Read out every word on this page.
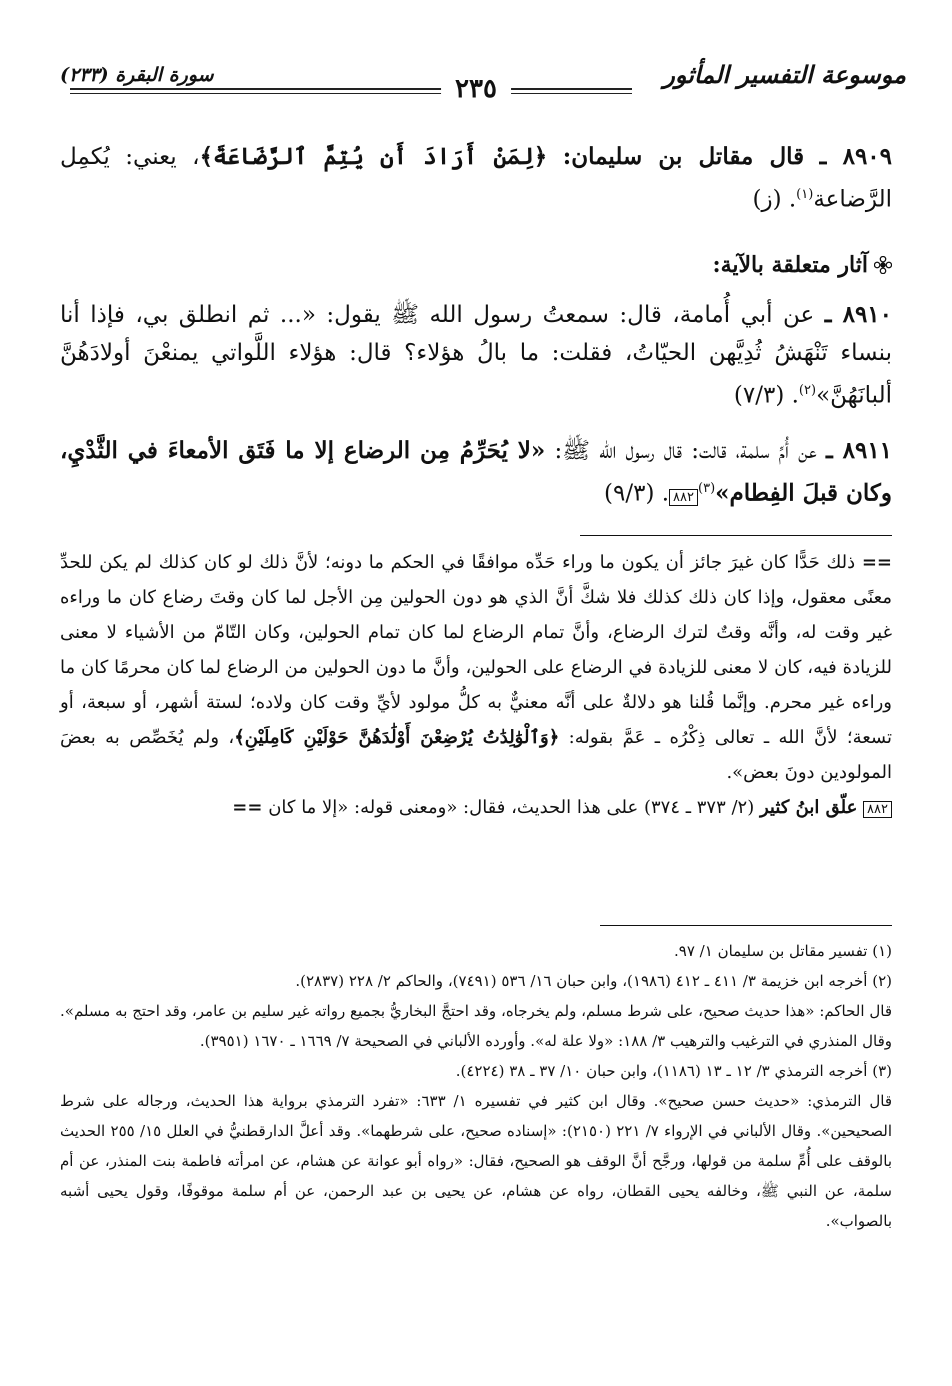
موسوعة التفسير المأثور
٢٣٥
سورة البقرة (٢٣٣)

٨٩٠٩ ـ قال مقاتل بن سليمان: ﴿لِمَنْ أَرَادَ أَن يُتِمَّ ٱلرَّضَاعَةَ﴾، يعني: يُكمِل الرَّضاعة$^{(١)}$. (ز)

آثار متعلقة بالآية:

٨٩١٠ ـ عن أبي أُمامة، قال: سمعتُ رسول الله ﷺ يقول: «... ثم انطلق بي، فإذا أنا بنساء تَنْهَشُ ثُدِيَّهن الحيّاتُ، فقلت: ما بالُ هؤلاء؟ قال: هؤلاء اللَّواتي يمنعْنَ أولادَهُنَّ ألبانَهُنَّ»$^{(٢)}$. (٧/٣)

٨٩١١ ـ عن أُمِّ سلمة، قالت: قال رسول الله ﷺ: «لا يُحَرِّمُ مِن الرضاع إلا ما فَتَق الأمعاءَ في الثَّدْيِ، وكان قبلَ الفِطام»$^{(٣)}$٨٨٢. (٩/٣)

== ذلك حَدًّا كان غيرَ جائز أن يكون ما وراء حَدِّه موافقًا في الحكم ما دونه؛ لأنَّ ذلك لو كان كذلك لم يكن للحدِّ معنًى معقول، وإذا كان ذلك كذلك فلا شكَّ أنَّ الذي هو دون الحولين مِن الأجل لما كان وقتَ رضاع كان ما وراءه غير وقت له، وأنَّه وقتٌ لترك الرضاع، وأنَّ تمام الرضاع لما كان تمام الحولين، وكان التّامّ من الأشياء لا معنى للزيادة فيه، كان لا معنى للزيادة في الرضاع على الحولين، وأنَّ ما دون الحولين من الرضاع لما كان محرمًا كان ما وراءه غير محرم. وإنَّما قُلنا هو دلالةٌ على أنَّه معنيٌّ به كلُّ مولود لأيِّ وقت كان ولاده؛ لستة أشهر، أو سبعة، أو تسعة؛ لأنَّ الله ـ تعالى ذِكْرُه ـ عَمَّ بقوله: ﴿وَٱلْوَٰلِدَٰتُ يُرْضِعْنَ أَوْلَٰدَهُنَّ حَوْلَيْنِ كَامِلَيْنِ﴾، ولم يُخَصِّص به بعضَ المولودين دونَ بعض».

٨٨٢ علّق ابنُ كثير (٢/ ٣٧٣ ـ ٣٧٤) على هذا الحديث، فقال: «ومعنى قوله: «إلا ما كان ==

(١) تفسير مقاتل بن سليمان ١/ ٩٧.

(٢) أخرجه ابن خزيمة ٣/ ٤١١ ـ ٤١٢ (١٩٨٦)، وابن حبان ١٦/ ٥٣٦ (٧٤٩١)، والحاكم ٢/ ٢٢٨ (٢٨٣٧).

قال الحاكم: «هذا حديث صحيح، على شرط مسلم، ولم يخرجاه، وقد احتجَّ البخاريُّ بجميع رواته غير سليم بن عامر، وقد احتج به مسلم». وقال المنذري في الترغيب والترهيب ٣/ ١٨٨: «ولا علة له». وأورده الألباني في الصحيحة ٧/ ١٦٦٩ ـ ١٦٧٠ (٣٩٥١).

(٣) أخرجه الترمذي ٣/ ١٢ ـ ١٣ (١١٨٦)، وابن حبان ١٠/ ٣٧ ـ ٣٨ (٤٢٢٤).

قال الترمذي: «حديث حسن صحيح». وقال ابن كثير في تفسيره ١/ ٦٣٣: «تفرد الترمذي برواية هذا الحديث، ورجاله على شرط الصحيحين». وقال الألباني في الإرواء ٧/ ٢٢١ (٢١٥٠): «إسناده صحيح، على شرطهما». وقد أعلَّ الدارقطنيُّ في العلل ١٥/ ٢٥٥ الحديث بالوقف على أُمِّ سلمة من قولها، ورجَّح أنَّ الوقف هو الصحيح، فقال: «رواه أبو عوانة عن هشام، عن امرأته فاطمة بنت المنذر، عن أم سلمة، عن النبي ﷺ، وخالفه يحيى القطان، رواه عن هشام، عن يحيى بن عبد الرحمن، عن أم سلمة موقوفًا، وقول يحيى أشبه بالصواب».
